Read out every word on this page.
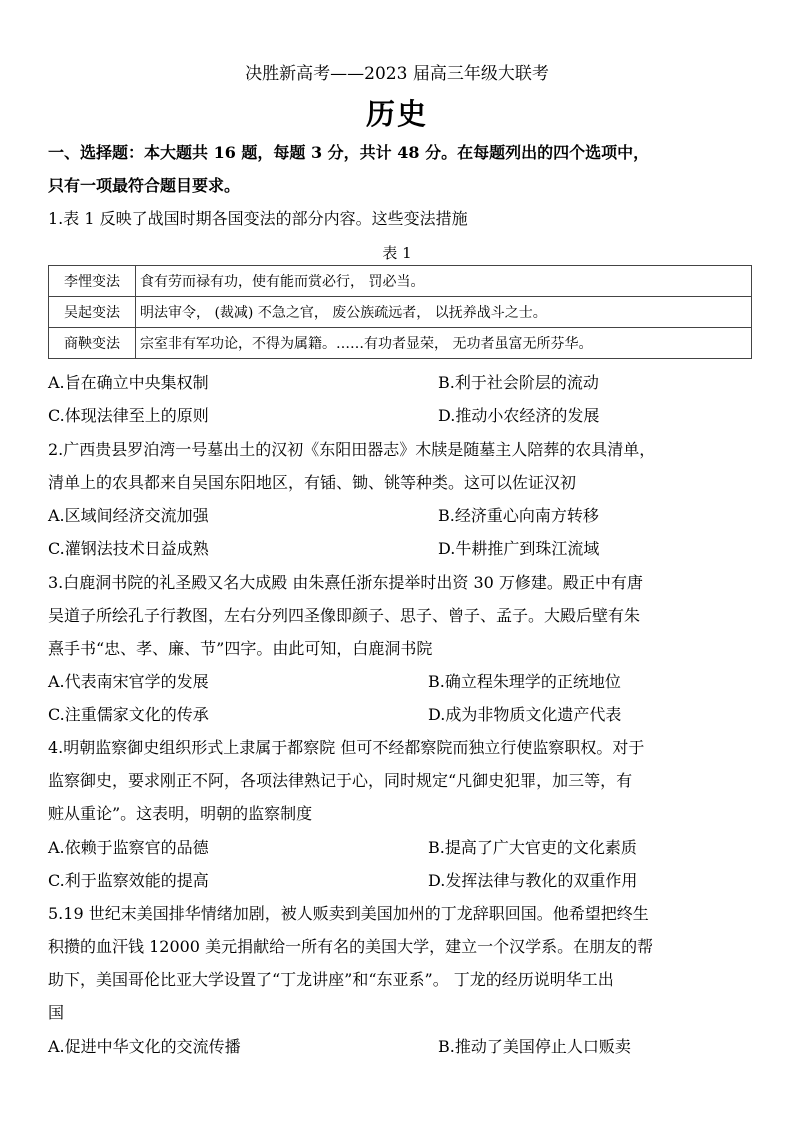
决胜新高考——2023 届高三年级大联考
历史
一、选择题：本大题共 16 题，每题 3 分，共计 48 分。在每题列出的四个选项中，
只有一项最符合题目要求。
1.表 1 反映了战国时期各国变法的部分内容。这些变法措施
表 1
李悝变法	食有劳而禄有功，使有能而赏必行， 罚必当。
吴起变法	明法审令， (裁减) 不急之官， 废公族疏远者， 以抚养战斗之士。
商鞅变法	宗室非有军功论，不得为属籍。……有功者显荣， 无功者虽富无所芬华。
A.旨在确立中央集权制	B.利于社会阶层的流动
C.体现法律至上的原则	D.推动小农经济的发展
2.广西贵县罗泊湾一号墓出土的汉初《东阳田器志》木牍是随墓主人陪葬的农具清单，
清单上的农具都来自吴国东阳地区，有锸、锄、铫等种类。这可以佐证汉初
A.区域间经济交流加强	B.经济重心向南方转移
C.灌钢法技术日益成熟	D.牛耕推广到珠江流域
3.白鹿洞书院的礼圣殿又名大成殿 由朱熹任浙东提举时出资 30 万修建。殿正中有唐
吴道子所绘孔子行教图，左右分列四圣像即颜子、思子、曾子、孟子。大殿后壁有朱
熹手书“忠、孝、廉、节”四字。由此可知，白鹿洞书院
A.代表南宋官学的发展	B.确立程朱理学的正统地位
C.注重儒家文化的传承	D.成为非物质文化遗产代表
4.明朝监察御史组织形式上隶属于都察院 但可不经都察院而独立行使监察职权。对于
监察御史，要求刚正不阿，各项法律熟记于心，同时规定“凡御史犯罪，加三等，有
赃从重论”。这表明，明朝的监察制度
A.依赖于监察官的品德	B.提高了广大官吏的文化素质
C.利于监察效能的提高	D.发挥法律与教化的双重作用
5.19 世纪末美国排华情绪加剧，被人贩卖到美国加州的丁龙辞职回国。他希望把终生
积攒的血汗钱 12000 美元捐献给一所有名的美国大学，建立一个汉学系。在朋友的帮
助下，美国哥伦比亚大学设置了“丁龙讲座”和“东亚系”。 丁龙的经历说明华工出
国
A.促进中华文化的交流传播	B.推动了美国停止人口贩卖
